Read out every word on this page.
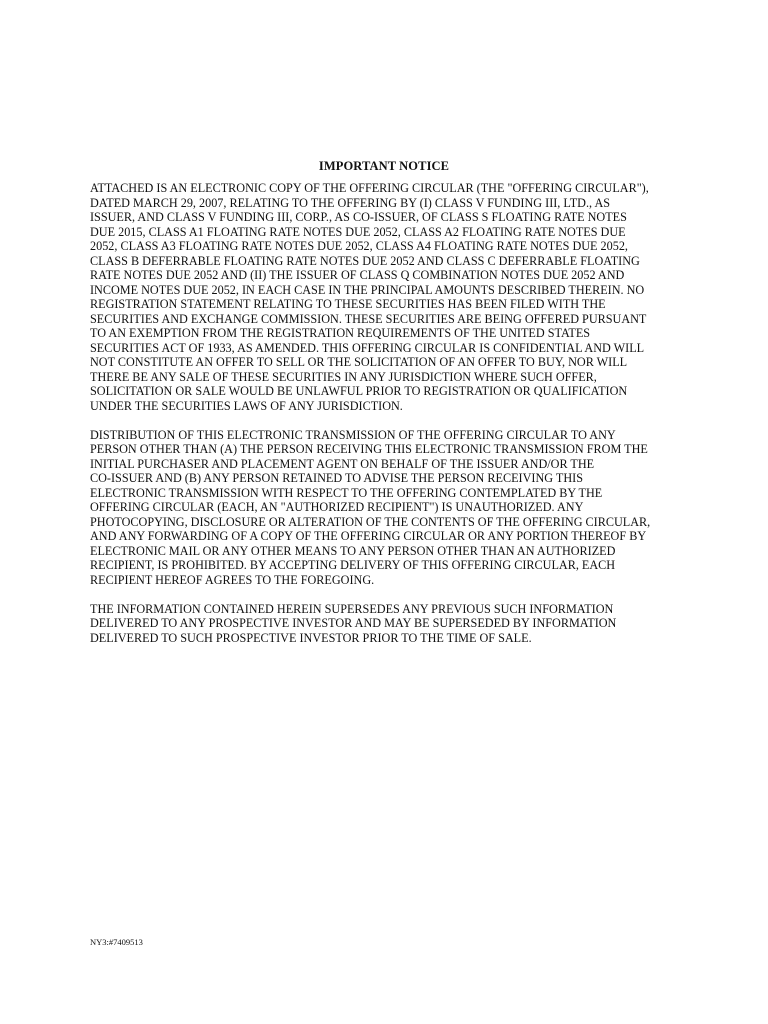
IMPORTANT NOTICE

ATTACHED IS AN ELECTRONIC COPY OF THE OFFERING CIRCULAR (THE "OFFERING CIRCULAR"),
DATED MARCH 29, 2007, RELATING TO THE OFFERING BY (I) CLASS V FUNDING III, LTD., AS
ISSUER, AND CLASS V FUNDING III, CORP., AS CO-ISSUER, OF CLASS S FLOATING RATE NOTES
DUE 2015, CLASS A1 FLOATING RATE NOTES DUE 2052, CLASS A2 FLOATING RATE NOTES DUE
2052, CLASS A3 FLOATING RATE NOTES DUE 2052, CLASS A4 FLOATING RATE NOTES DUE 2052,
CLASS B DEFERRABLE FLOATING RATE NOTES DUE 2052 AND CLASS C DEFERRABLE FLOATING
RATE NOTES DUE 2052 AND (II) THE ISSUER OF CLASS Q COMBINATION NOTES DUE 2052 AND
INCOME NOTES DUE 2052, IN EACH CASE IN THE PRINCIPAL AMOUNTS DESCRIBED THEREIN. NO
REGISTRATION STATEMENT RELATING TO THESE SECURITIES HAS BEEN FILED WITH THE
SECURITIES AND EXCHANGE COMMISSION. THESE SECURITIES ARE BEING OFFERED PURSUANT
TO AN EXEMPTION FROM THE REGISTRATION REQUIREMENTS OF THE UNITED STATES
SECURITIES ACT OF 1933, AS AMENDED. THIS OFFERING CIRCULAR IS CONFIDENTIAL AND WILL
NOT CONSTITUTE AN OFFER TO SELL OR THE SOLICITATION OF AN OFFER TO BUY, NOR WILL
THERE BE ANY SALE OF THESE SECURITIES IN ANY JURISDICTION WHERE SUCH OFFER,
SOLICITATION OR SALE WOULD BE UNLAWFUL PRIOR TO REGISTRATION OR QUALIFICATION
UNDER THE SECURITIES LAWS OF ANY JURISDICTION.

DISTRIBUTION OF THIS ELECTRONIC TRANSMISSION OF THE OFFERING CIRCULAR TO ANY
PERSON OTHER THAN (A) THE PERSON RECEIVING THIS ELECTRONIC TRANSMISSION FROM THE
INITIAL PURCHASER AND PLACEMENT AGENT ON BEHALF OF THE ISSUER AND/OR THE
CO-ISSUER AND (B) ANY PERSON RETAINED TO ADVISE THE PERSON RECEIVING THIS
ELECTRONIC TRANSMISSION WITH RESPECT TO THE OFFERING CONTEMPLATED BY THE
OFFERING CIRCULAR (EACH, AN "AUTHORIZED RECIPIENT") IS UNAUTHORIZED. ANY
PHOTOCOPYING, DISCLOSURE OR ALTERATION OF THE CONTENTS OF THE OFFERING CIRCULAR,
AND ANY FORWARDING OF A COPY OF THE OFFERING CIRCULAR OR ANY PORTION THEREOF BY
ELECTRONIC MAIL OR ANY OTHER MEANS TO ANY PERSON OTHER THAN AN AUTHORIZED
RECIPIENT, IS PROHIBITED. BY ACCEPTING DELIVERY OF THIS OFFERING CIRCULAR, EACH
RECIPIENT HEREOF AGREES TO THE FOREGOING.

THE INFORMATION CONTAINED HEREIN SUPERSEDES ANY PREVIOUS SUCH INFORMATION
DELIVERED TO ANY PROSPECTIVE INVESTOR AND MAY BE SUPERSEDED BY INFORMATION
DELIVERED TO SUCH PROSPECTIVE INVESTOR PRIOR TO THE TIME OF SALE.

NY3:#7409513
